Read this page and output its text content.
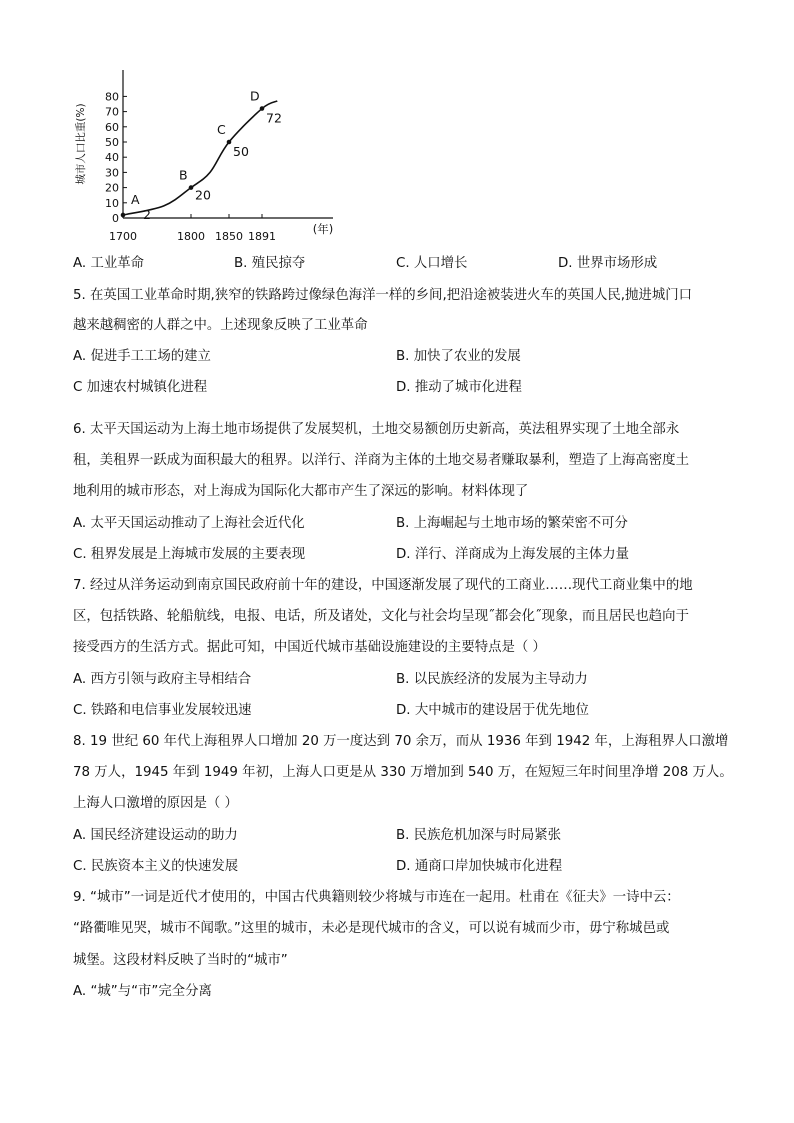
0
10
20
30
40
50
60
70
80
1700	1800 1850 1891
(年)
城市人口比重(%)
A
2
B
20
C
50
D
72
A. 工业革命	B. 殖民掠夺	C. 人口增长	D. 世界市场形成
5. 在英国工业革命时期,狭窄的铁路跨过像绿色海洋一样的乡间,把沿途被装进火车的英国人民,抛进城门口
越来越稠密的人群之中。上述现象反映了工业革命
A. 促进手工工场的建立	B. 加快了农业的发展
C 加速农村城镇化进程	D. 推动了城市化进程
6. 太平天国运动为上海土地市场提供了发展契机，土地交易额创历史新高，英法租界实现了土地全部永
租，美租界一跃成为面积最大的租界。以洋行、洋商为主体的土地交易者赚取暴利，塑造了上海高密度土
地利用的城市形态，对上海成为国际化大都市产生了深远的影响。材料体现了
A. 太平天国运动推动了上海社会近代化	B. 上海崛起与土地市场的繁荣密不可分
C. 租界发展是上海城市发展的主要表现	D. 洋行、洋商成为上海发展的主体力量
7. 经过从洋务运动到南京国民政府前十年的建设，中国逐渐发展了现代的工商业……现代工商业集中的地
区，包括铁路、轮船航线，电报、电话，所及诸处，文化与社会均呈现˝都会化˝现象，而且居民也趋向于
接受西方的生活方式。据此可知，中国近代城市基础设施建设的主要特点是（ ）
A. 西方引领与政府主导相结合	B. 以民族经济的发展为主导动力
C. 铁路和电信事业发展较迅速	D. 大中城市的建设居于优先地位
8. 19 世纪 60 年代上海租界人口增加 20 万一度达到 70 余万，而从 1936 年到 1942 年，上海租界人口激增
78 万人，1945 年到 1949 年初，上海人口更是从 330 万增加到 540 万，在短短三年时间里净增 208 万人。
上海人口激增的原因是（ ）
A. 国民经济建设运动的助力	B. 民族危机加深与时局紧张
C. 民族资本主义的快速发展	D. 通商口岸加快城市化进程
9. “城市”一词是近代才使用的，中国古代典籍则较少将城与市连在一起用。杜甫在《征夫》一诗中云：
“路衢唯见哭，城市不闻歌。”这里的城市，未必是现代城市的含义，可以说有城而少市，毋宁称城邑或
城堡。这段材料反映了当时的“城市”
A. “城”与“市”完全分离
